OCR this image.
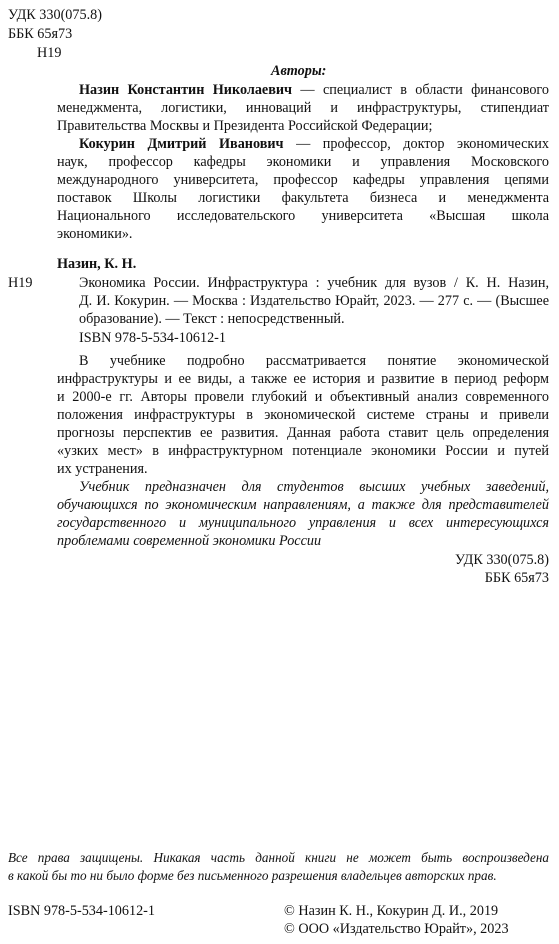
УДК 330(075.8)
ББК 65я73
Н19
Авторы:
Назин Константин Николаевич — специалист в области финансового
менеджмента, логистики, инноваций и инфраструктуры, стипендиат
Правительства Москвы и Президента Российской Федерации;
Кокурин Дмитрий Иванович — профессор, доктор экономических
наук, профессор кафедры экономики и управления Московского
международного университета, профессор кафедры управления цепями
поставок Школы логистики факультета бизнеса и менеджмента
Национального исследовательского университета «Высшая школа
экономики».
Назин, К. Н.
Н19	Экономика России. Инфраструктура : учебник для вузов / К. Н. Назин,
Д. И. Кокурин. — Москва : Издательство Юрайт, 2023. — 277 с. — (Высшее
образование). — Текст : непосредственный.
ISBN 978-5-534-10612-1
В учебнике подробно рассматривается понятие экономической
инфраструктуры и ее виды, а также ее история и развитие в период реформ
и 2000-е гг. Авторы провели глубокий и объективный анализ современного
положения инфраструктуры в экономической системе страны и привели
прогнозы перспектив ее развития. Данная работа ставит цель определения
«узких мест» в инфраструктурном потенциале экономики России и путей
их устранения.
Учебник предназначен для студентов высших учебных заведений,
обучающихся по экономическим направлениям, а также для представителей
государственного и муниципального управления и всех интересующихся
проблемами современной экономики России
УДК 330(075.8)
ББК 65я73
Все права защищены. Никакая часть данной книги не может быть воспроизведена
в какой бы то ни было форме без письменного разрешения владельцев авторских прав.
ISBN 978-5-534-10612-1	© Назин К. Н., Кокурин Д. И., 2019
© ООО «Издательство Юрайт», 2023
